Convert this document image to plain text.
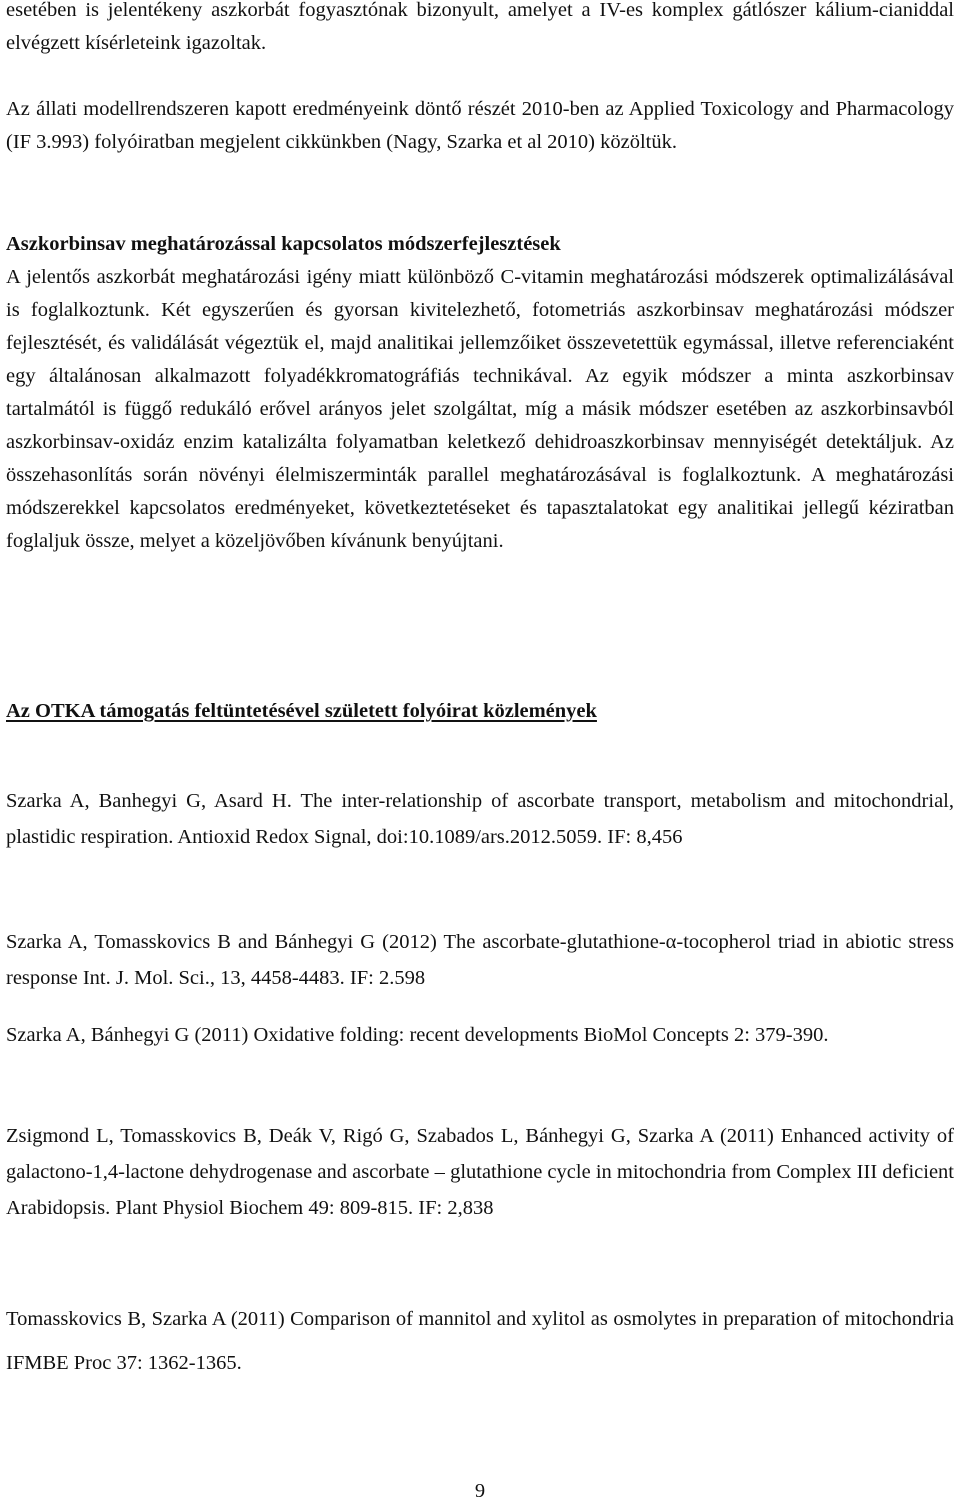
esetében is jelentékeny aszkorbát fogyasztónak bizonyult, amelyet a IV-es komplex gátlószer kálium-cianiddal elvégzett kísérleteink igazoltak.

Az állati modellrendszeren kapott eredményeink döntő részét 2010-ben az Applied Toxicology and Pharmacology (IF 3.993) folyóiratban megjelent cikkünkben (Nagy, Szarka et al 2010) közöltük.

Aszkorbinsav meghatározással kapcsolatos módszerfejlesztések
A jelentős aszkorbát meghatározási igény miatt különböző C-vitamin meghatározási módszerek optimalizálásával is foglalkoztunk. Két egyszerűen és gyorsan kivitelezhető, fotometriás aszkorbinsav meghatározási módszer fejlesztését, és validálását végeztük el, majd analitikai jellemzőiket összevetettük egymással, illetve referenciaként egy általánosan alkalmazott folyadékkromatográfiás technikával. Az egyik módszer a minta aszkorbinsav tartalmától is függő redukáló erővel arányos jelet szolgáltat, míg a másik módszer esetében az aszkorbinsavból aszkorbinsav-oxidáz enzim katalizálta folyamatban keletkező dehidroaszkorbinsav mennyiségét detektáljuk. Az összehasonlítás során növényi élelmiszerminták parallel meghatározásával is foglalkoztunk. A meghatározási módszerekkel kapcsolatos eredményeket, következtetéseket és tapasztalatokat egy analitikai jellegű kéziratban foglaljuk össze, melyet a közeljövőben kívánunk benyújtani.

Az OTKA támogatás feltüntetésével született folyóirat közlemények

Szarka A, Banhegyi G, Asard H. The inter-relationship of ascorbate transport, metabolism and mitochondrial, plastidic respiration. Antioxid Redox Signal, doi:10.1089/ars.2012.5059. IF: 8,456

Szarka A, Tomasskovics B and Bánhegyi G (2012) The ascorbate-glutathione-α-tocopherol triad in abiotic stress response Int. J. Mol. Sci., 13, 4458-4483. IF: 2.598

Szarka A, Bánhegyi G (2011) Oxidative folding: recent developments BioMol Concepts 2: 379-390.

Zsigmond L, Tomasskovics B, Deák V, Rigó G, Szabados L, Bánhegyi G, Szarka A (2011) Enhanced activity of galactono-1,4-lactone dehydrogenase and ascorbate – glutathione cycle in mitochondria from Complex III deficient Arabidopsis. Plant Physiol Biochem 49: 809-815. IF: 2,838

Tomasskovics B, Szarka A (2011) Comparison of mannitol and xylitol as osmolytes in preparation of mitochondria IFMBE Proc 37: 1362-1365.

9
